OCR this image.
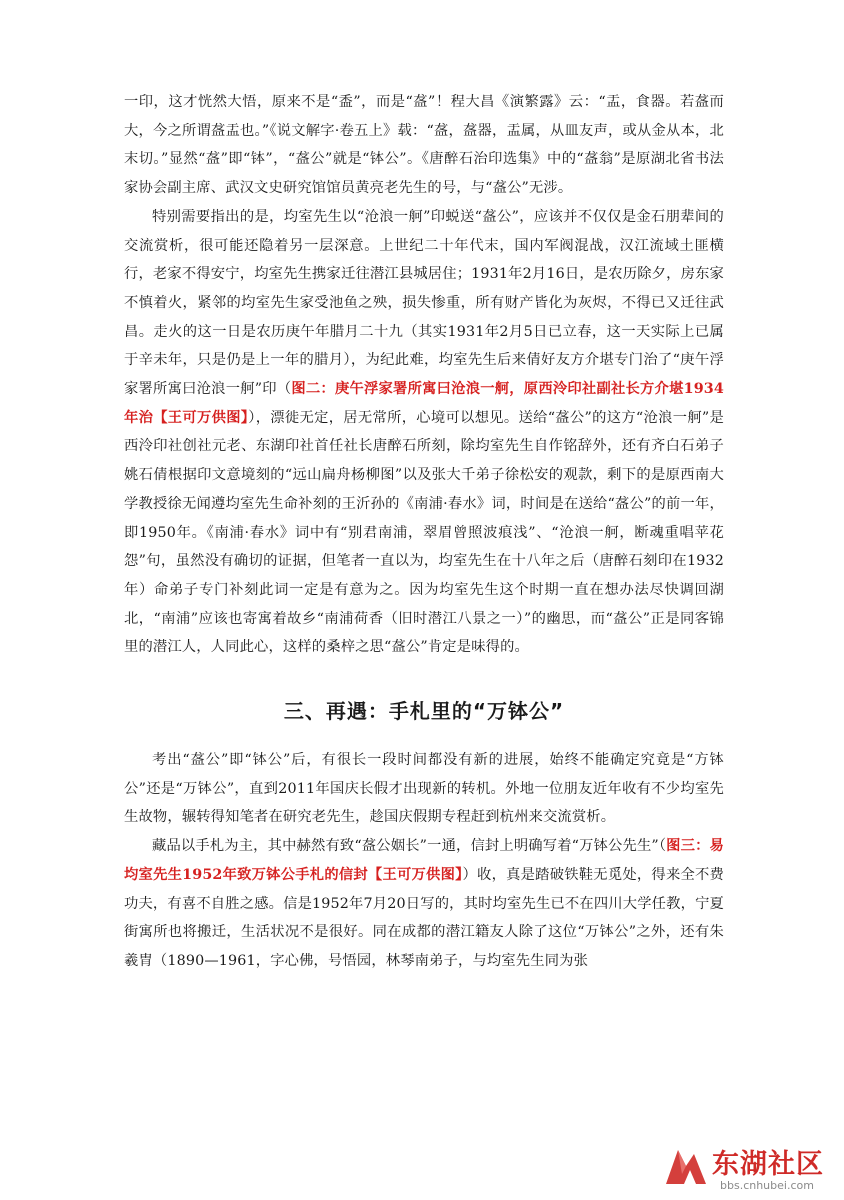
一印，这才恍然大悟，原来不是“盉”，而是“盋”！程大昌《演繁露》云：“盂，食器。若盋而大，今之所谓盋盂也。”《说文解字·卷五上》载：“盋，盋器，盂属，从皿友声，或从金从本，北末切。”显然“盋”即“钵”，“盋公”就是“钵公”。《唐醉石治印选集》中的“盋翁”是原湖北省书法家协会副主席、武汉文史研究馆馆员黄亮老先生的号，与“盋公”无涉。

特别需要指出的是，均室先生以“沧浪一舸”印蜕送“盋公”，应该并不仅仅是金石朋辈间的交流赏析，很可能还隐着另一层深意。上世纪二十年代末，国内军阀混战，汉江流域土匪横行，老家不得安宁，均室先生携家迁往潜江县城居住；1931年2月16日，是农历除夕，房东家不慎着火，紧邻的均室先生家受池鱼之殃，损失惨重，所有财产皆化为灰烬，不得已又迁往武昌。走火的这一日是农历庚午年腊月二十九（其实1931年2月5日已立春，这一天实际上已属于辛未年，只是仍是上一年的腊月），为纪此难，均室先生后来倩好友方介堪专门治了“庚午浮家署所寓曰沧浪一舸”印（图二：庚午浮家署所寓曰沧浪一舸，原西泠印社副社长方介堪1934年治【王可万供图】），漂徙无定，居无常所，心境可以想见。送给“盋公”的这方“沧浪一舸”是西泠印社创社元老、东湖印社首任社长唐醉石所刻，除均室先生自作铭辞外，还有齐白石弟子姚石倩根据印文意境刻的“远山扁舟杨柳图”以及张大千弟子徐松安的观款，剩下的是原西南大学教授徐无闻遵均室先生命补刻的王沂孙的《南浦·春水》词，时间是在送给“盋公”的前一年，即1950年。《南浦·春水》词中有“别君南浦，翠眉曾照波痕浅”、“沧浪一舸，断魂重唱苹花怨”句，虽然没有确切的证据，但笔者一直以为，均室先生在十八年之后（唐醉石刻印在1932年）命弟子专门补刻此词一定是有意为之。因为均室先生这个时期一直在想办法尽快调回湖北，“南浦”应该也寄寓着故乡“南浦荷香（旧时潜江八景之一）”的幽思，而“盋公”正是同客锦里的潜江人，人同此心，这样的桑梓之思“盋公”肯定是味得的。

三、再遇：手札里的“万钵公”

考出“盋公”即“钵公”后，有很长一段时间都没有新的进展，始终不能确定究竟是“方钵公”还是“万钵公”，直到2011年国庆长假才出现新的转机。外地一位朋友近年收有不少均室先生故物，辗转得知笔者在研究老先生，趁国庆假期专程赶到杭州来交流赏析。

藏品以手札为主，其中赫然有致“盋公姻长”一通，信封上明确写着“万钵公先生”（图三：易均室先生1952年致万钵公手札的信封【王可万供图】）收，真是踏破铁鞋无觅处，得来全不费功夫，有喜不自胜之感。信是1952年7月20日写的，其时均室先生已不在四川大学任教，宁夏街寓所也将搬迁，生活状况不是很好。同在成都的潜江籍友人除了这位“万钵公”之外，还有朱羲胄（1890—1961，字心佛，号悟园，林琴南弟子，与均室先生同为张

东湖社区
bbs.cnhubei.com
